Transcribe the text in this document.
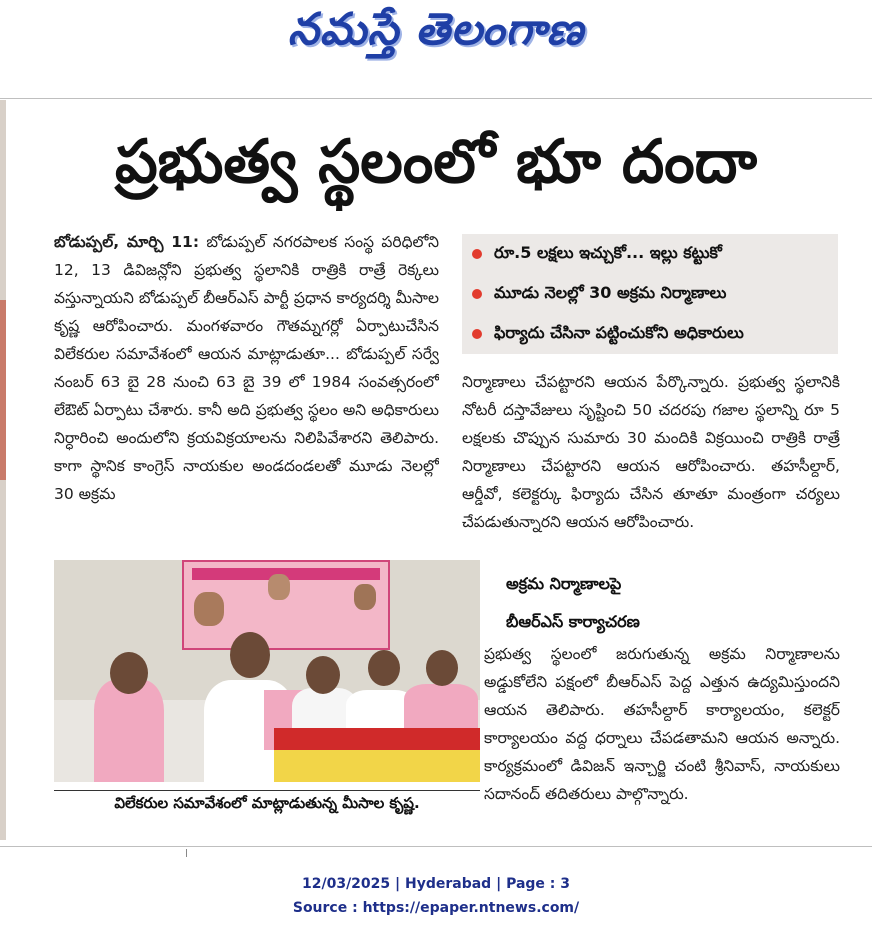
నమస్తే తెలంగాణ
ప్రభుత్వ స్థలంలో భూ దందా
బోడుప్పల్, మార్చి 11: బోడుప్పల్ నగరపాలక సంస్థ పరిధిలోని 12, 13 డివిజన్లోని ప్రభుత్వ స్థలానికి రాత్రికి రాత్రే రెక్కలు వస్తున్నాయని బోడుప్పల్ బీఆర్ఎస్ పార్టీ ప్రధాన కార్యదర్శి మీసాల కృష్ణ ఆరోపించారు. మంగళవారం గౌతమ్నగర్లో ఏర్పాటుచేసిన విలేకరుల సమావేశంలో ఆయన మాట్లాడుతూ... బోడుప్పల్ సర్వే నంబర్ 63 బై 28 నుంచి 63 బై 39 లో 1984 సంవత్సరంలో లేఔట్ ఏర్పాటు చేశారు. కానీ అది ప్రభుత్వ స్థలం అని అధికారులు నిర్ధారించి అందులోని క్రయవిక్రయాలను నిలిపివేశారని తెలిపారు. కాగా స్థానిక కాంగ్రెస్ నాయకుల అండదండలతో మూడు నెలల్లో 30 అక్రమ
రూ.5 లక్షలు ఇచ్చుకో... ఇల్లు కట్టుకో
మూడు నెలల్లో 30 అక్రమ నిర్మాణాలు
ఫిర్యాదు చేసినా పట్టించుకోని అధికారులు
నిర్మాణాలు చేపట్టారని ఆయన పేర్కొన్నారు. ప్రభుత్వ స్థలానికి నోటరీ దస్తావేజులు సృష్టించి 50 చదరపు గజాల స్థలాన్ని రూ 5 లక్షలకు చొప్పున సుమారు 30 మందికి విక్రయించి రాత్రికి రాత్రే నిర్మాణాలు చేపట్టారని ఆయన ఆరోపించారు. తహసీల్దార్, ఆర్డీవో, కలెక్టర్కు ఫిర్యాదు చేసిన తూతూ మంత్రంగా చర్యలు చేపడుతున్నారని ఆయన ఆరోపించారు.
అక్రమ నిర్మాణాలపై
బీఆర్ఎస్ కార్యాచరణ
ప్రభుత్వ స్థలంలో జరుగుతున్న అక్రమ నిర్మాణాలను అడ్డుకోలేని పక్షంలో బీఆర్ఎస్ పెద్ద ఎత్తున ఉద్యమిస్తుందని ఆయన తెలిపారు. తహసీల్దార్ కార్యాలయం, కలెక్టర్ కార్యాలయం వద్ద ధర్నాలు చేపడతామని ఆయన అన్నారు. కార్యక్రమంలో డివిజన్ ఇన్చార్జి చంటి శ్రీనివాస్, నాయకులు సదానంద్ తదితరులు పాల్గొన్నారు.
విలేకరుల సమావేశంలో మాట్లాడుతున్న మీసాల కృష్ణ.
12/03/2025 | Hyderabad | Page : 3
Source : https://epaper.ntnews.com/
